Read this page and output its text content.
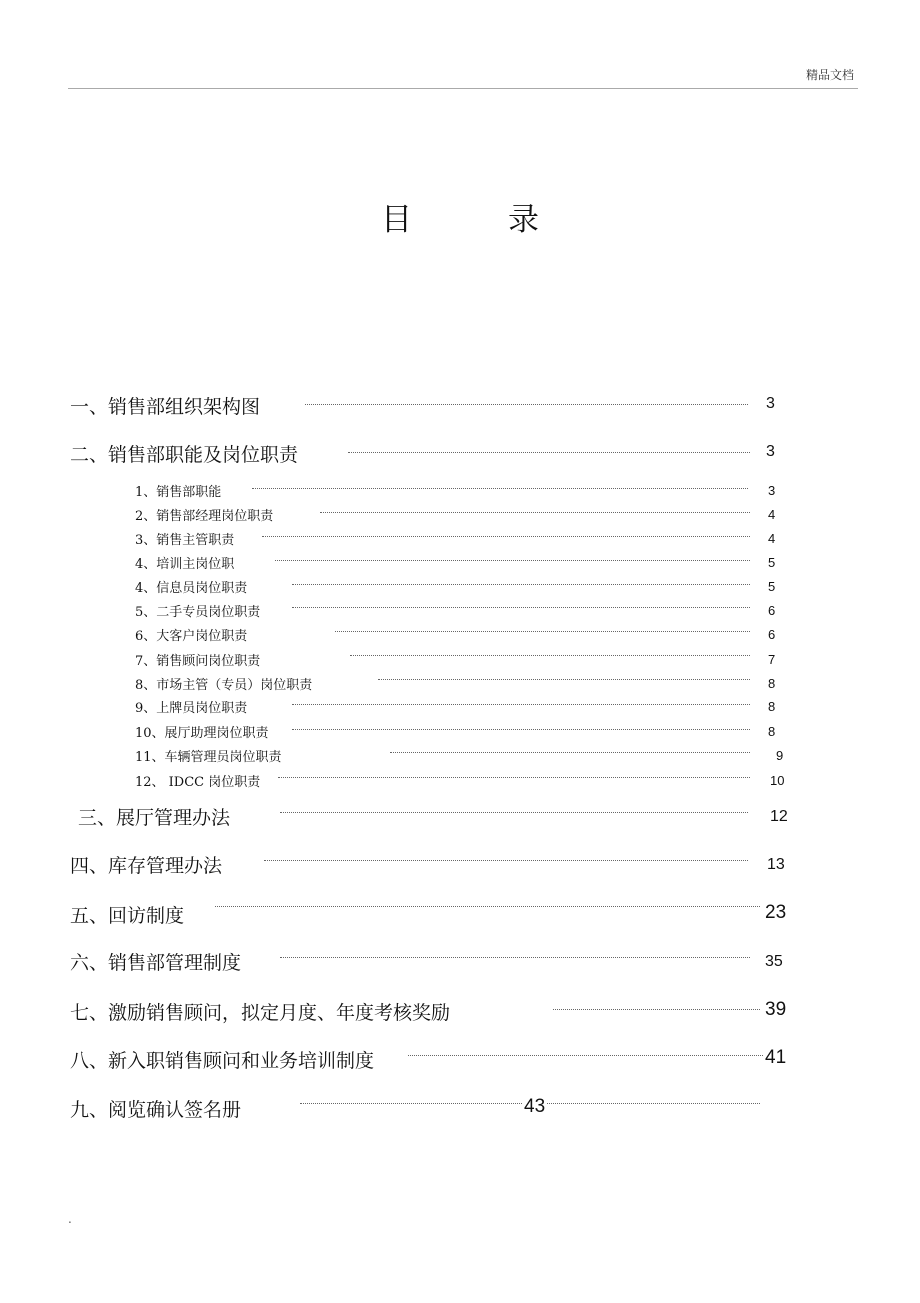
精品文档
目	录
一、销售部组织架构图	3
二、销售部职能及岗位职责	3
1、销售部职能	3
2、销售部经理岗位职责	4
3、销售主管职责	4
4、培训主岗位职	5
4、信息员岗位职责	5
5、二手专员岗位职责	6
6、大客户岗位职责	6
7、销售顾问岗位职责	7
8、市场主管（专员）岗位职责	8
9、上牌员岗位职责	8
10、展厅助理岗位职责	8
11、车辆管理员岗位职责	9
12、 IDCC 岗位职责	10
三、展厅管理办法	12
四、库存管理办法	13
五、回访制度	23
六、销售部管理制度	35
七、激励销售顾问，拟定月度、年度考核奖励	39
八、新入职销售顾问和业务培训制度	41
九、阅览确认签名册	43
.
